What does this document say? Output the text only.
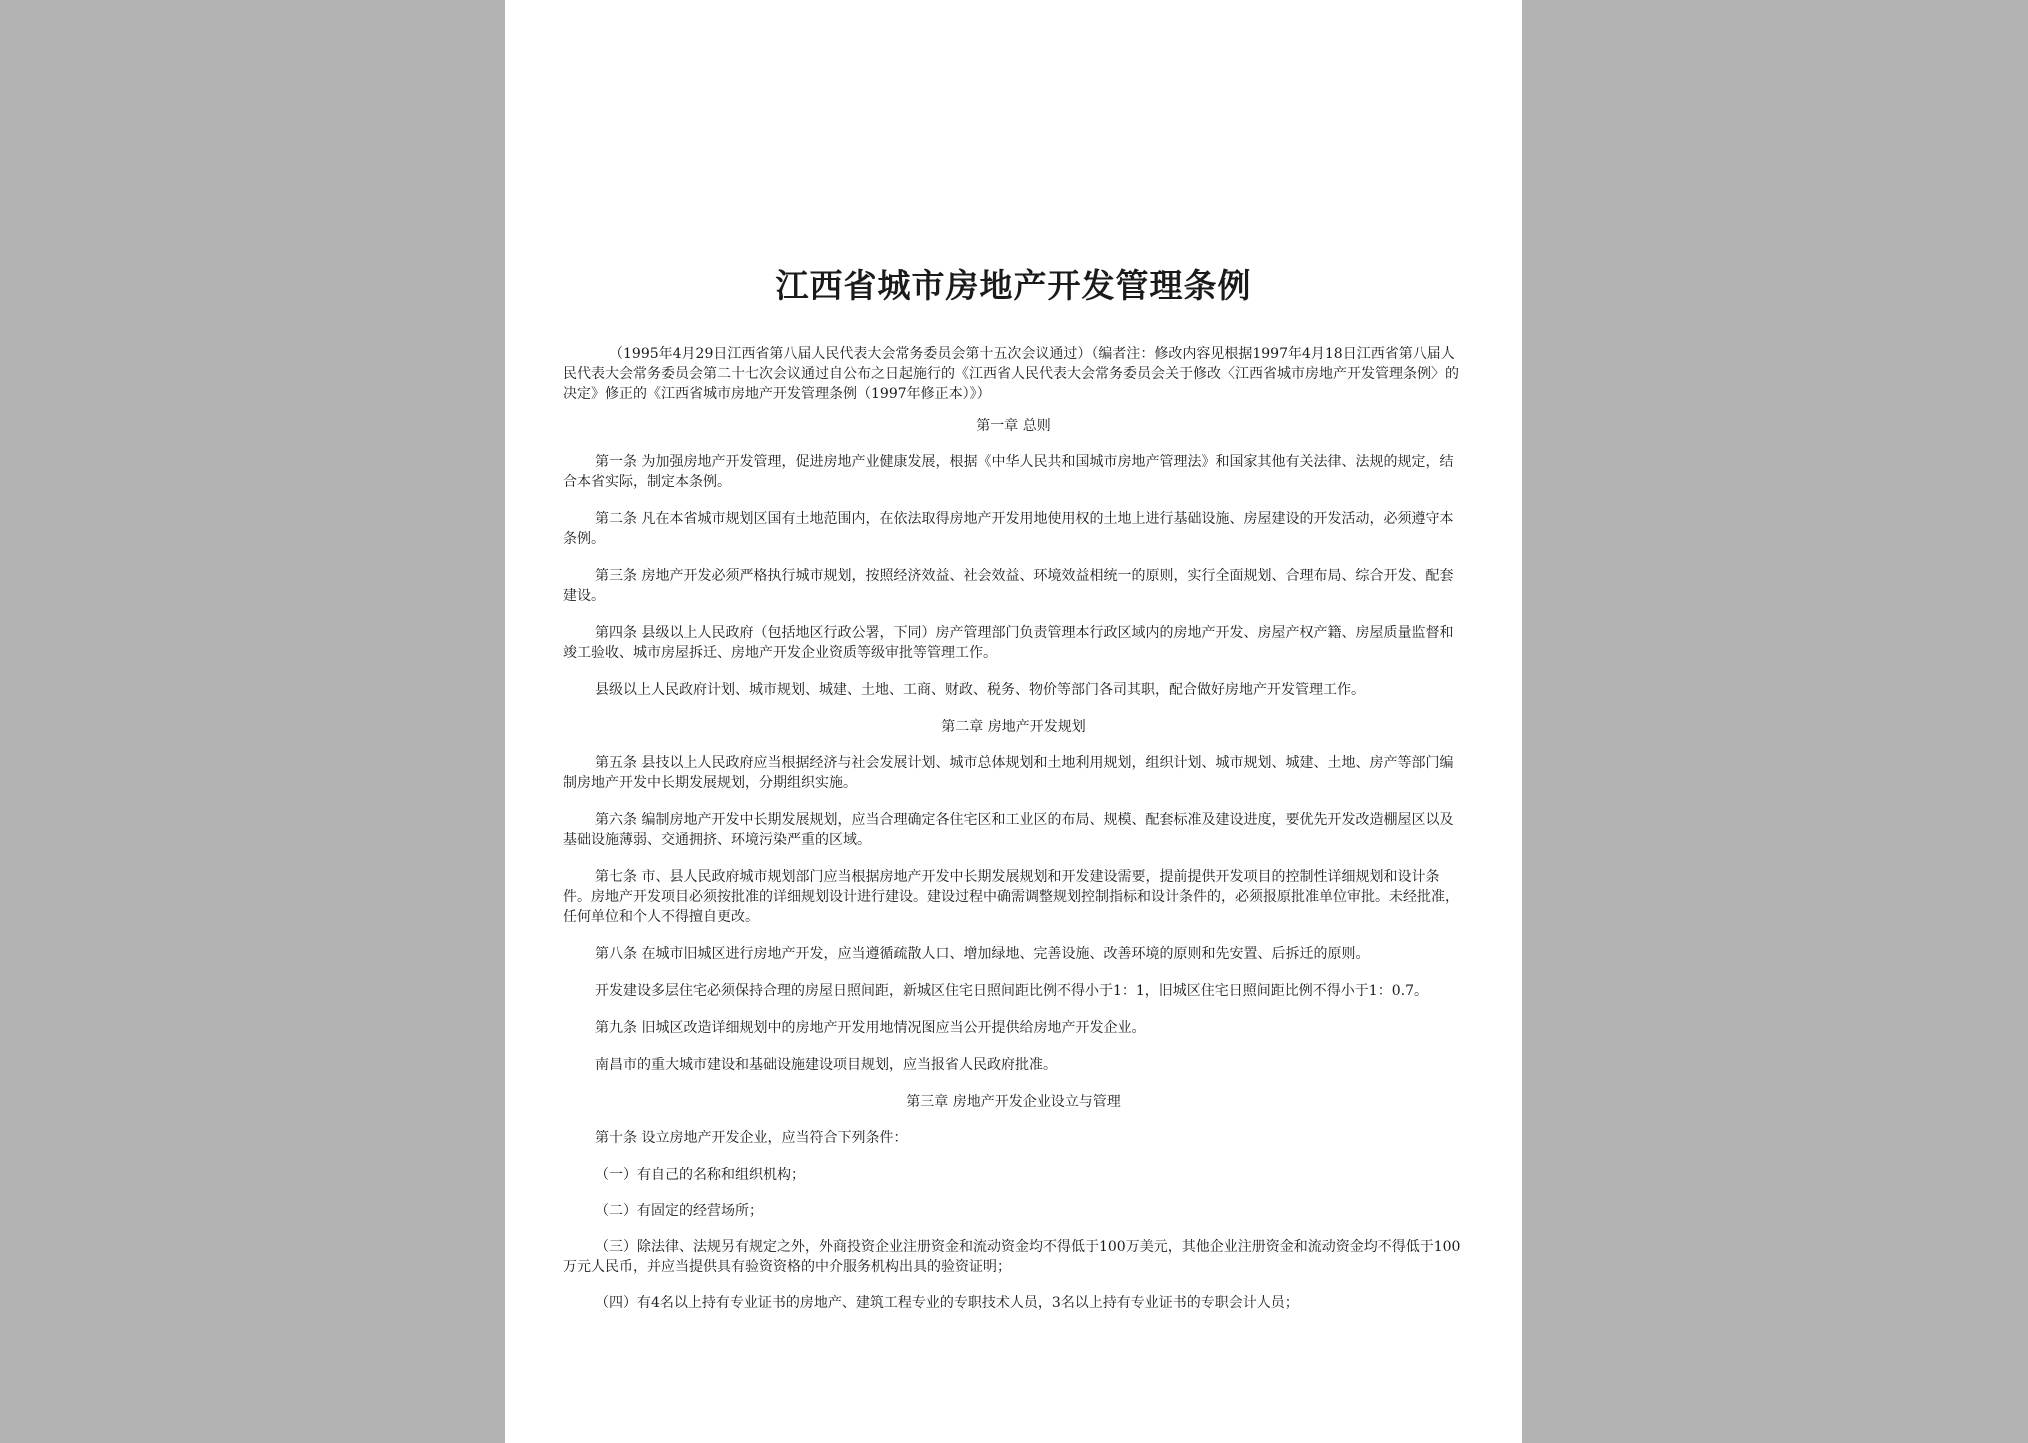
江西省城市房地产开发管理条例

（1995年4月29日江西省第八届人民代表大会常务委员会第十五次会议通过）（编者注：修改内容见根据1997年4月18日江西省第八届人民代表大会常务委员会第二十七次会议通过自公布之日起施行的《江西省人民代表大会常务委员会关于修改〈江西省城市房地产开发管理条例〉的决定》修正的《江西省城市房地产开发管理条例（1997年修正本）》）

第一章 总则

第一条 为加强房地产开发管理，促进房地产业健康发展，根据《中华人民共和国城市房地产管理法》和国家其他有关法律、法规的规定，结合本省实际，制定本条例。

第二条 凡在本省城市规划区国有土地范围内，在依法取得房地产开发用地使用权的土地上进行基础设施、房屋建设的开发活动，必须遵守本条例。

第三条 房地产开发必须严格执行城市规划，按照经济效益、社会效益、环境效益相统一的原则，实行全面规划、合理布局、综合开发、配套建设。

第四条 县级以上人民政府（包括地区行政公署，下同）房产管理部门负责管理本行政区域内的房地产开发、房屋产权产籍、房屋质量监督和竣工验收、城市房屋拆迁、房地产开发企业资质等级审批等管理工作。

县级以上人民政府计划、城市规划、城建、土地、工商、财政、税务、物价等部门各司其职，配合做好房地产开发管理工作。

第二章 房地产开发规划

第五条 县技以上人民政府应当根据经济与社会发展计划、城市总体规划和土地利用规划，组织计划、城市规划、城建、土地、房产等部门编制房地产开发中长期发展规划，分期组织实施。

第六条 编制房地产开发中长期发展规划，应当合理确定各住宅区和工业区的布局、规模、配套标准及建设进度，要优先开发改造棚屋区以及基础设施薄弱、交通拥挤、环境污染严重的区域。

第七条 市、县人民政府城市规划部门应当根据房地产开发中长期发展规划和开发建设需要，提前提供开发项目的控制性详细规划和设计条件。房地产开发项目必须按批准的详细规划设计进行建设。建设过程中确需调整规划控制指标和设计条件的，必须报原批准单位审批。未经批准，任何单位和个人不得擅自更改。

第八条 在城市旧城区进行房地产开发，应当遵循疏散人口、增加绿地、完善设施、改善环境的原则和先安置、后拆迁的原则。

开发建设多层住宅必须保持合理的房屋日照间距，新城区住宅日照间距比例不得小于1：1，旧城区住宅日照间距比例不得小于1：0.7。

第九条 旧城区改造详细规划中的房地产开发用地情况图应当公开提供给房地产开发企业。

南昌市的重大城市建设和基础设施建设项目规划，应当报省人民政府批准。

第三章 房地产开发企业设立与管理

第十条 设立房地产开发企业，应当符合下列条件：

（一）有自己的名称和组织机构；

（二）有固定的经营场所；

（三）除法律、法规另有规定之外，外商投资企业注册资金和流动资金均不得低于100万美元，其他企业注册资金和流动资金均不得低于100万元人民币，并应当提供具有验资资格的中介服务机构出具的验资证明；

（四）有4名以上持有专业证书的房地产、建筑工程专业的专职技术人员，3名以上持有专业证书的专职会计人员；
